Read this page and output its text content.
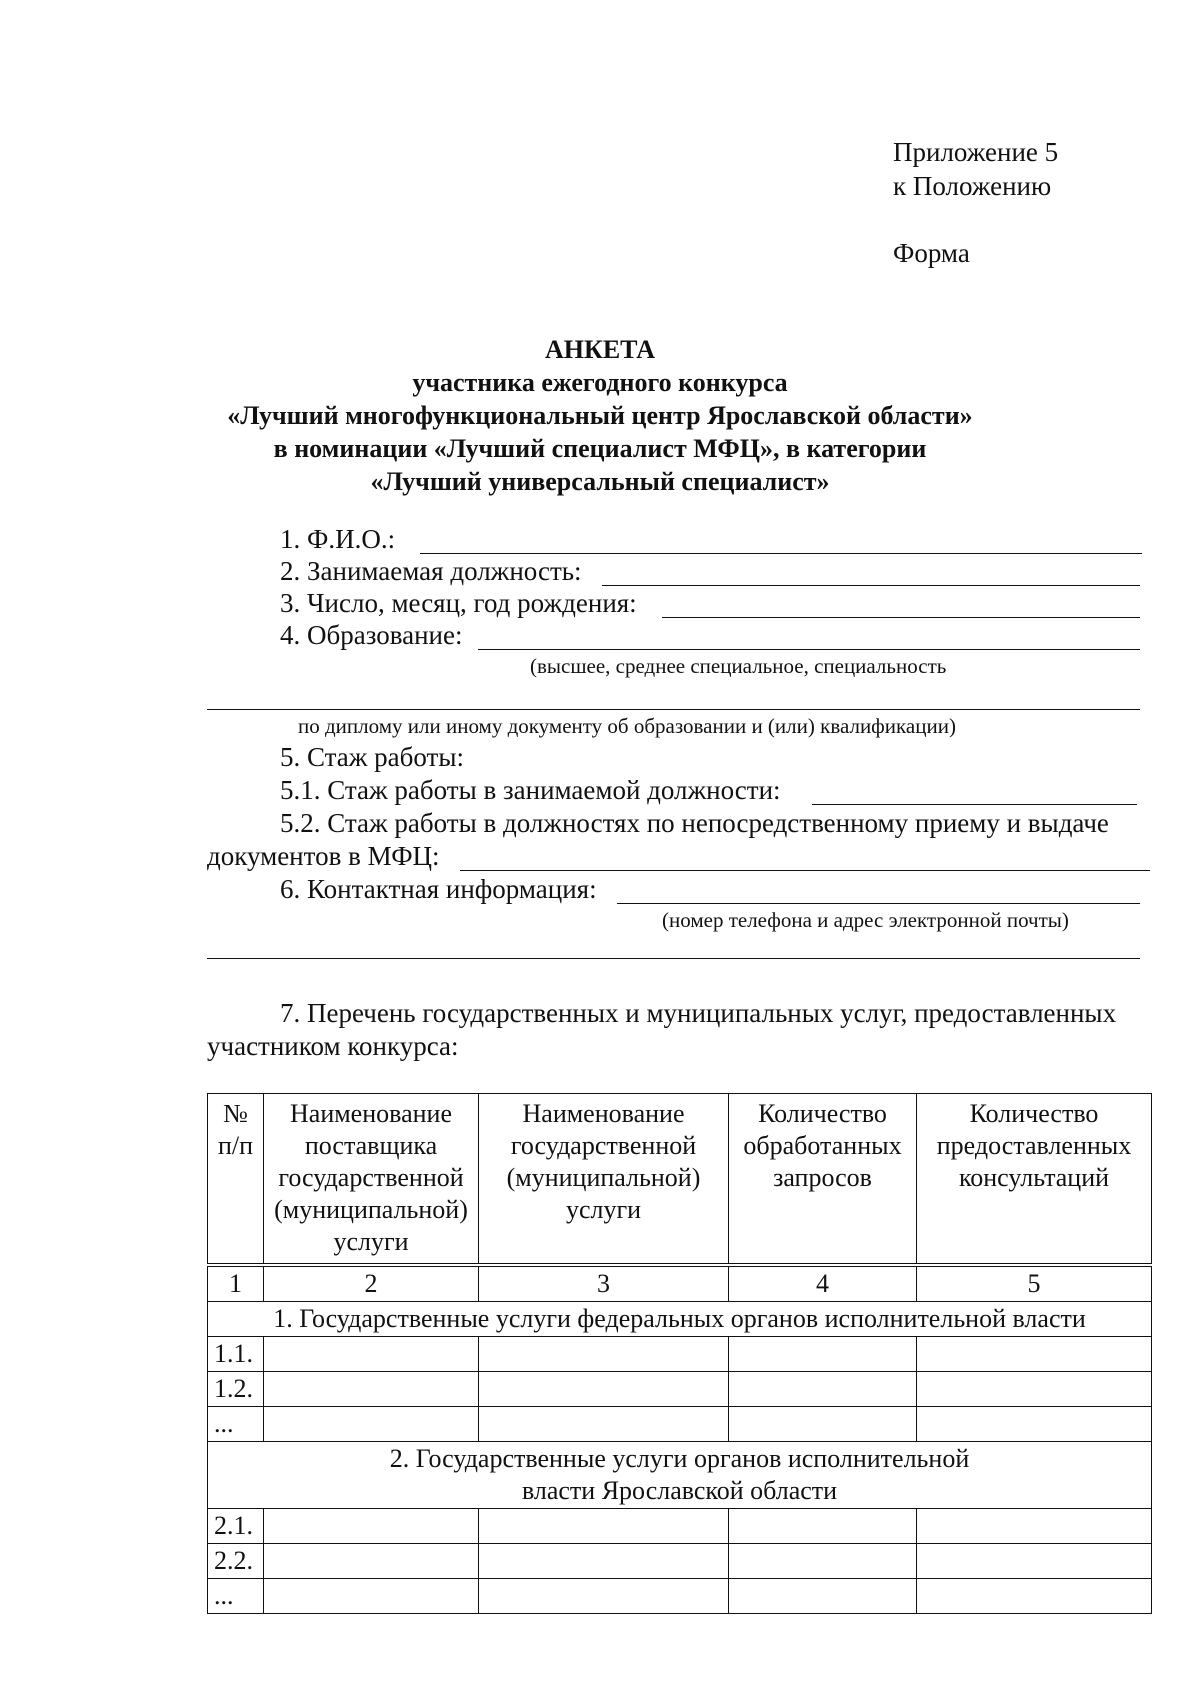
Приложение 5
к Положению
Форма
АНКЕТА
участника ежегодного конкурса
«Лучший многофункциональный центр Ярославской области»
в номинации «Лучший специалист МФЦ», в категории
«Лучший универсальный специалист»
1. Ф.И.О.:
2. Занимаемая должность:
3. Число, месяц, год рождения:
4. Образование:
(высшее, среднее специальное, специальность
по диплому или иному документу об образовании и (или) квалификации)
5. Стаж работы:
5.1. Стаж работы в занимаемой должности:
5.2. Стаж работы в должностях по непосредственному приему и выдаче
документов в МФЦ:
6. Контактная информация:
(номер телефона и адрес электронной почты)
7. Перечень государственных и муниципальных услуг, предоставленных
участником конкурса:
№ п/п	Наименование поставщика государственной (муниципальной) услуги	Наименование государственной (муниципальной) услуги	Количество обработанных запросов	Количество предоставленных консультаций
1	2	3	4	5
1. Государственные услуги федеральных органов исполнительной власти				
1.1.				
1.2.				
...				
2. Государственные услуги органов исполнительной власти Ярославской области				
2.1.				
2.2.				
...				
